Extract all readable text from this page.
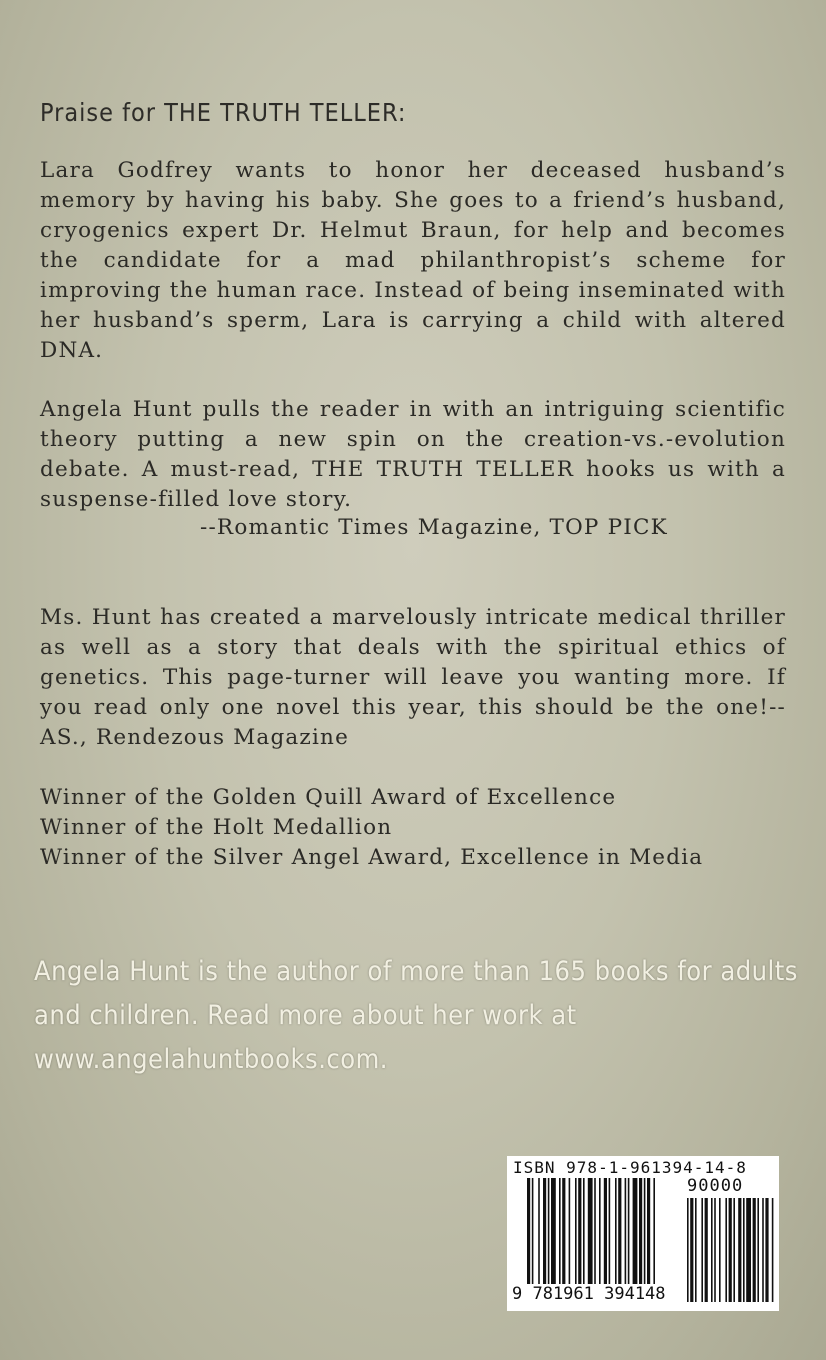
Praise for THE TRUTH TELLER:

Lara Godfrey wants to honor her deceased husband’s memory by having his baby. She goes to a friend’s husband, cryogenics expert Dr. Helmut Braun, for help and becomes the candidate for a mad philanthropist’s scheme for improving the human race. Instead of being inseminated with her husband’s sperm, Lara is carrying a child with altered DNA.

Angela Hunt pulls the reader in with an intriguing scientific theory putting a new spin on the creation-vs.-evolution debate. A must-read, THE TRUTH TELLER hooks us with a suspense-filled love story.

--Romantic Times Magazine, TOP PICK

Ms. Hunt has created a marvelously intricate medical thriller as well as a story that deals with the spiritual ethics of genetics. This page-turner will leave you wanting more. If you read only one novel this year, this should be the one!--AS., Rendezous Magazine

Winner of the Golden Quill Award of Excellence
Winner of the Holt Medallion
Winner of the Silver Angel Award, Excellence in Media
Angela Hunt is the author of more than 165 books for adults and children. Read more about her work at www.angelahuntbooks.com.
ISBN 978-1-961394-14-8
90000
9 781961 394148
